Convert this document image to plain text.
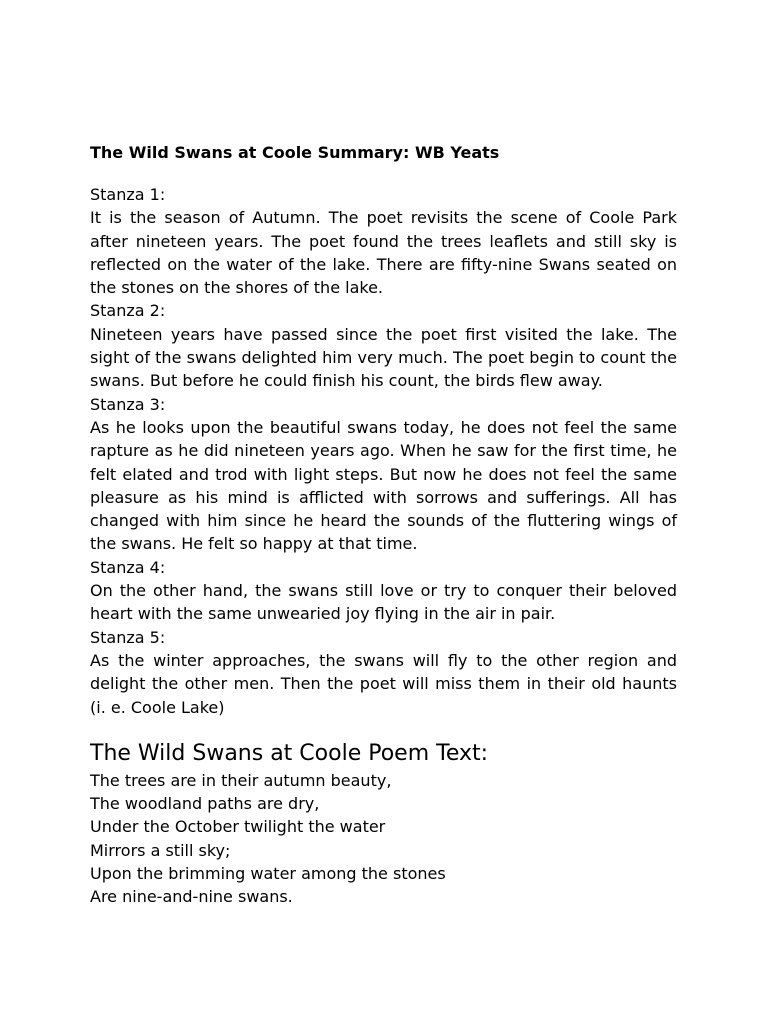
The Wild Swans at Coole Summary: WB Yeats

Stanza 1:

It is the season of Autumn. The poet revisits the scene of Coole Park after nineteen years. The poet found the trees leaflets and still sky is reflected on the water of the lake. There are fifty-nine Swans seated on the stones on the shores of the lake.

Stanza 2:

Nineteen years have passed since the poet first visited the lake. The sight of the swans delighted him very much. The poet begin to count the swans. But before he could finish his count, the birds flew away.

Stanza 3:

As he looks upon the beautiful swans today, he does not feel the same rapture as he did nineteen years ago. When he saw for the first time, he felt elated and trod with light steps. But now he does not feel the same pleasure as his mind is afflicted with sorrows and sufferings. All has changed with him since he heard the sounds of the fluttering wings of the swans. He felt so happy at that time.

Stanza 4:

On the other hand, the swans still love or try to conquer their beloved heart with the same unwearied joy flying in the air in pair.

Stanza 5:

As the winter approaches, the swans will fly to the other region and delight the other men. Then the poet will miss them in their old haunts (i. e. Coole Lake)

The Wild Swans at Coole Poem Text:

The trees are in their autumn beauty,

The woodland paths are dry,

Under the October twilight the water

Mirrors a still sky;

Upon the brimming water among the stones

Are nine-and-nine swans.
